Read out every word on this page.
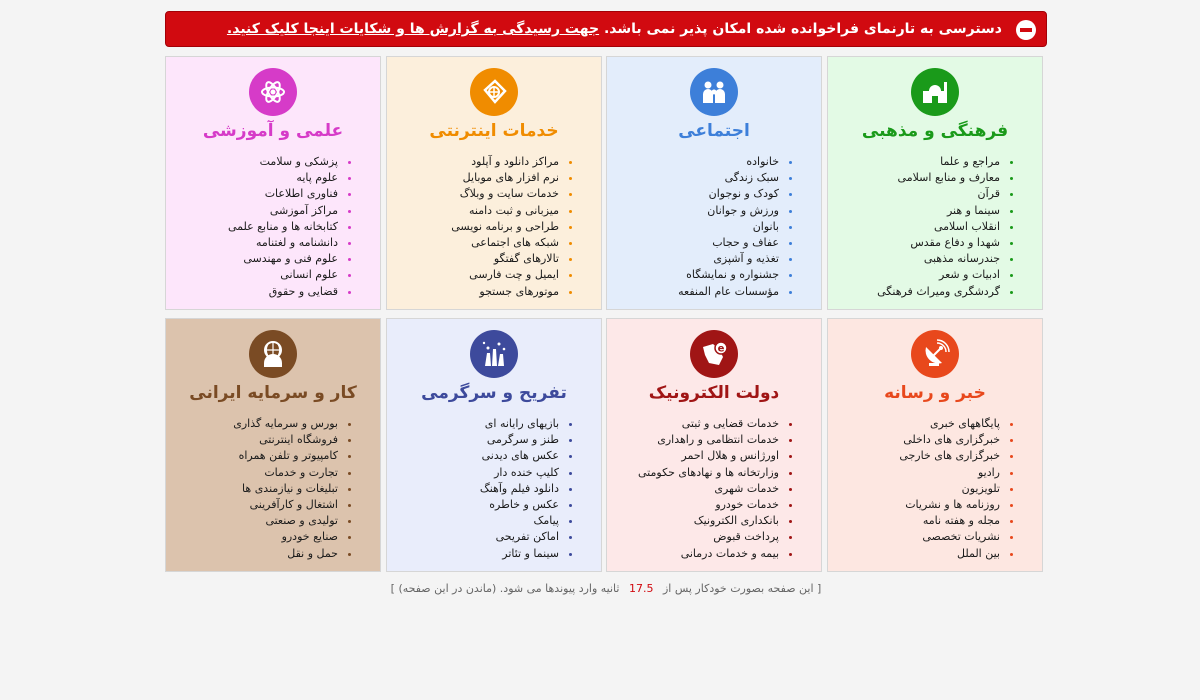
دسترسی به تارنمای فراخوانده شده امکان پذیر نمی باشد. جهت رسیدگی به گزارش ها و شکایات اینجا کلیک کنید.
فرهنگی و مذهبی
• مراجع و علما
• معارف و منابع اسلامی
• قرآن
• سینما و هنر
• انقلاب اسلامی
• شهدا و دفاع مقدس
• جندرسانه مذهبی
• ادبیات و شعر
• گردشگری ومیراث فرهنگی
اجتماعی
• خانواده
• سبک زندگی
• کودک و نوجوان
• ورزش و جوانان
• بانوان
• عفاف و حجاب
• تغذیه و آشپزی
• جشنواره و نمایشگاه
• مؤسسات عام المنفعه
خدمات اینترنتی
• مراکز دانلود و آپلود
• نرم افزار های موبایل
• خدمات سایت و وبلاگ
• میزبانی و ثبت دامنه
• طراحی و برنامه نویسی
• شبکه های اجتماعی
• تالارهای گفتگو
• ایمیل و چت فارسی
• موتورهای جستجو
علمی و آموزشی
• پزشکی و سلامت
• علوم پایه
• فناوری اطلاعات
• مراکز آموزشی
• کتابخانه ها و منابع علمی
• دانشنامه و لغتنامه
• علوم فنی و مهندسی
• علوم انسانی
• قضایی و حقوق
خبر و رسانه
• پایگاههای خبری
• خبرگزاری های داخلی
• خبرگزاری های خارجی
• رادیو
• تلویزیون
• روزنامه ها و نشریات
• مجله و هفته نامه
• نشریات تخصصی
• بین الملل
e
دولت الکترونیک
• خدمات قضایی و ثبتی
• خدمات انتظامی و راهداری
• اورژانس و هلال احمر
• وزارتخانه ها و نهادهای حکومتی
• خدمات شهری
• خدمات خودرو
• بانکداری الکترونیک
• پرداخت قبوض
• بیمه و خدمات درمانی
تفریح و سرگرمی
• بازیهای رایانه ای
• طنز و سرگرمی
• عکس های دیدنی
• کلیپ خنده دار
• دانلود فیلم وآهنگ
• عکس و خاطره
• پیامک
• اماکن تفریحی
• سینما و تئاتر
کار و سرمایه ایرانی
• بورس و سرمایه گذاری
• فروشگاه اینترنتی
• کامپیوتر و تلفن همراه
• تجارت و خدمات
• تبلیغات و نیازمندی ها
• اشتغال و کارآفرینی
• تولیدی و صنعتی
• صنایع خودرو
• حمل و نقل
[ این صفحه بصورت خودکار پس از 17.5 ثانیه وارد پیوندها می شود. (ماندن در این صفحه) ]
